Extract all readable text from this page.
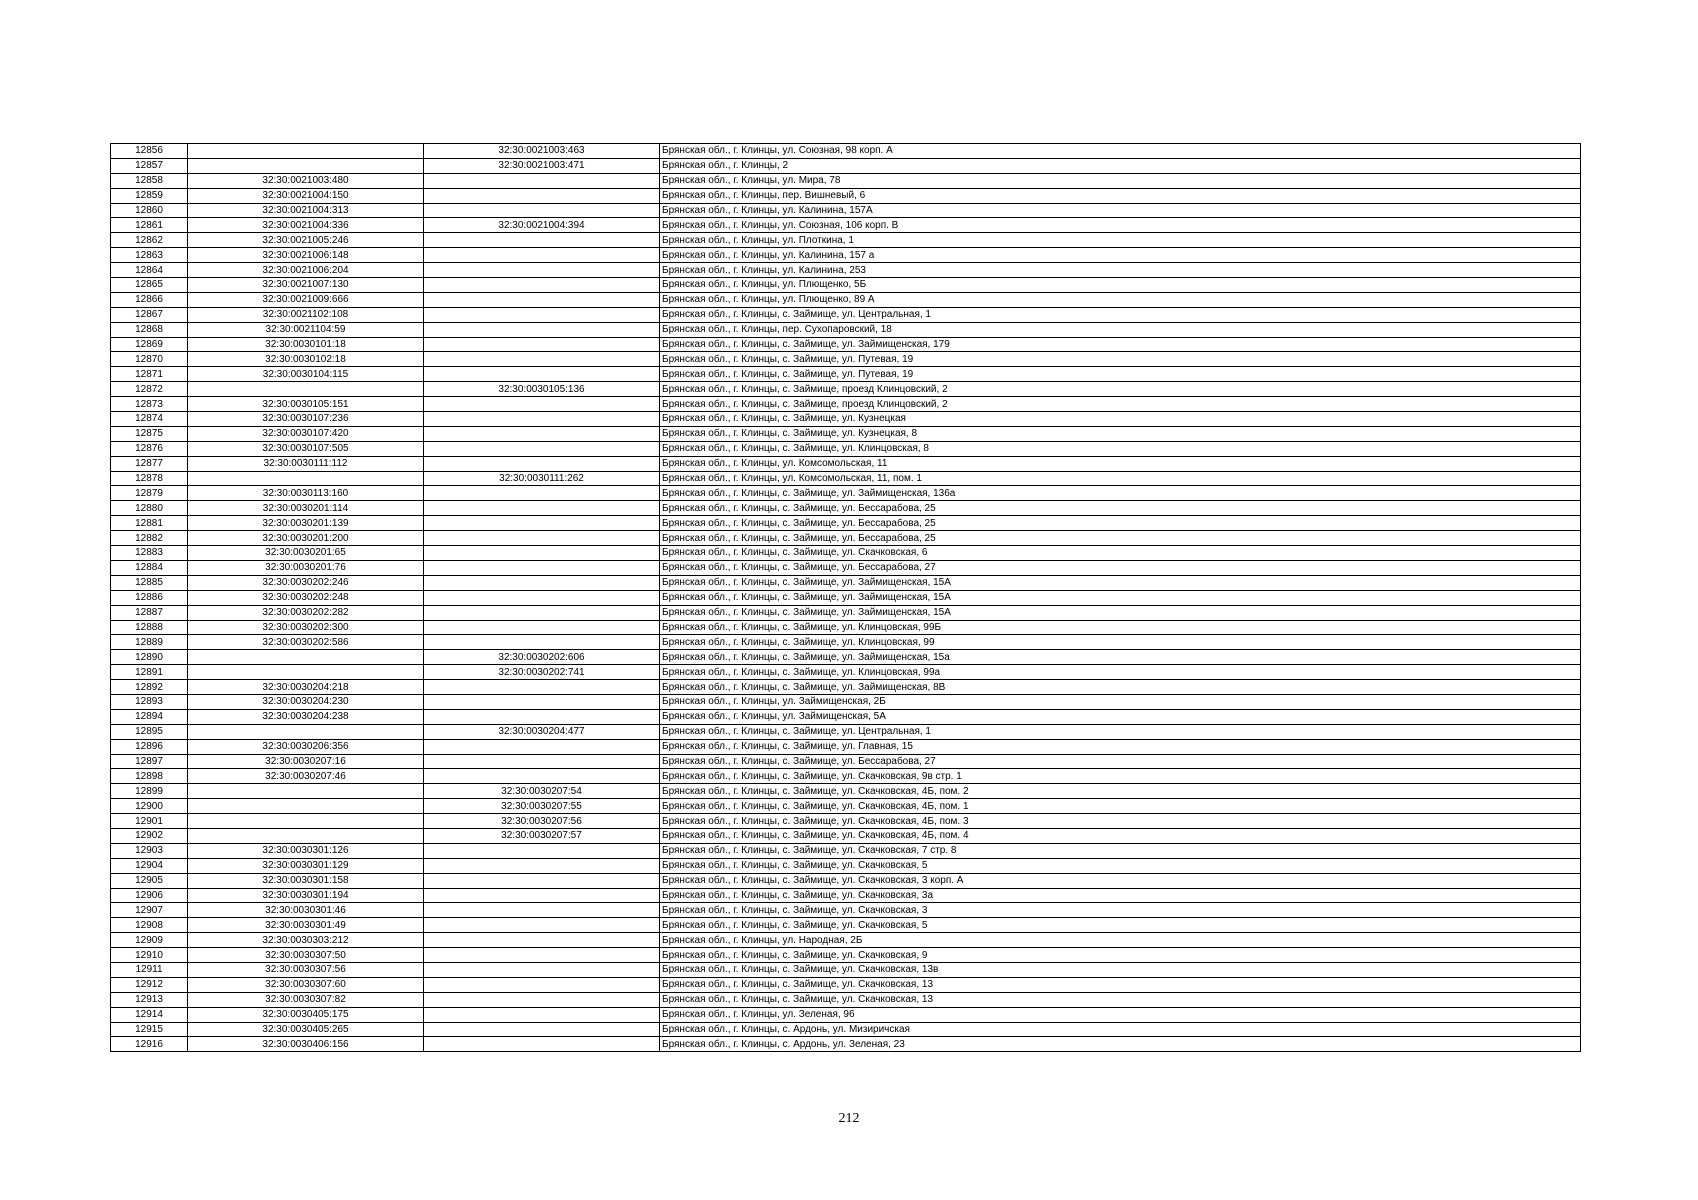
12856		32:30:0021003:463	Брянская обл., г. Клинцы, ул. Союзная, 98 корп. А
12857		32:30:0021003:471	Брянская обл., г. Клинцы, 2
12858	32:30:0021003:480		Брянская обл., г. Клинцы, ул. Мира, 78
12859	32:30:0021004:150		Брянская обл., г. Клинцы, пер. Вишневый, 6
12860	32:30:0021004:313		Брянская обл., г. Клинцы, ул. Калинина, 157А
12861	32:30:0021004:336	32:30:0021004:394	Брянская обл., г. Клинцы, ул. Союзная, 106 корп. В
12862	32:30:0021005:246		Брянская обл., г. Клинцы, ул. Плоткина, 1
12863	32:30:0021006:148		Брянская обл., г. Клинцы, ул. Калинина, 157 а
12864	32:30:0021006:204		Брянская обл., г. Клинцы, ул. Калинина, 253
12865	32:30:0021007:130		Брянская обл., г. Клинцы, ул. Плющенко, 5Б
12866	32:30:0021009:666		Брянская обл., г. Клинцы, ул. Плющенко, 89 А
12867	32:30:0021102:108		Брянская обл., г. Клинцы, с. Займище, ул. Центральная, 1
12868	32:30:0021104:59		Брянская обл., г. Клинцы, пер. Сухопаровский, 18
12869	32:30:0030101:18		Брянская обл., г. Клинцы, с. Займище, ул. Займищенская, 179
12870	32:30:0030102:18		Брянская обл., г. Клинцы, с. Займище, ул. Путевая, 19
12871	32:30:0030104:115		Брянская обл., г. Клинцы, с. Займище, ул. Путевая, 19
12872		32:30:0030105:136	Брянская обл., г. Клинцы, с. Займище, проезд Клинцовский, 2
12873	32:30:0030105:151		Брянская обл., г. Клинцы, с. Займище, проезд Клинцовский, 2
12874	32:30:0030107:236		Брянская обл., г. Клинцы, с. Займище, ул. Кузнецкая
12875	32:30:0030107:420		Брянская обл., г. Клинцы, с. Займище, ул. Кузнецкая, 8
12876	32:30:0030107:505		Брянская обл., г. Клинцы, с. Займище, ул. Клинцовская, 8
12877	32:30:0030111:112		Брянская обл., г. Клинцы, ул. Комсомольская, 11
12878		32:30:0030111:262	Брянская обл., г. Клинцы, ул. Комсомольская, 11, пом. 1
12879	32:30:0030113:160		Брянская обл., г. Клинцы, с. Займище, ул. Займищенская, 136а
12880	32:30:0030201:114		Брянская обл., г. Клинцы, с. Займище, ул. Бессарабова, 25
12881	32:30:0030201:139		Брянская обл., г. Клинцы, с. Займище, ул. Бессарабова, 25
12882	32:30:0030201:200		Брянская обл., г. Клинцы, с. Займище, ул. Бессарабова, 25
12883	32:30:0030201:65		Брянская обл., г. Клинцы, с. Займище, ул. Скачковская, 6
12884	32:30:0030201:76		Брянская обл., г. Клинцы, с. Займище, ул. Бессарабова, 27
12885	32:30:0030202:246		Брянская обл., г. Клинцы, с. Займище, ул. Займищенская, 15А
12886	32:30:0030202:248		Брянская обл., г. Клинцы, с. Займище, ул. Займищенская, 15А
12887	32:30:0030202:282		Брянская обл., г. Клинцы, с. Займище, ул. Займищенская, 15А
12888	32:30:0030202:300		Брянская обл., г. Клинцы, с. Займище, ул. Клинцовская, 99Б
12889	32:30:0030202:586		Брянская обл., г. Клинцы, с. Займище, ул. Клинцовская, 99
12890		32:30:0030202:606	Брянская обл., г. Клинцы, с. Займище, ул. Займищенская, 15а
12891		32:30:0030202:741	Брянская обл., г. Клинцы, с. Займище, ул. Клинцовская, 99а
12892	32:30:0030204:218		Брянская обл., г. Клинцы, с. Займище, ул. Займищенская, 8В
12893	32:30:0030204:230		Брянская обл., г. Клинцы, ул. Займищенская, 2Б
12894	32:30:0030204:238		Брянская обл., г. Клинцы, ул. Займищенская, 5А
12895		32:30:0030204:477	Брянская обл., г. Клинцы, с. Займище, ул. Центральная, 1
12896	32:30:0030206:356		Брянская обл., г. Клинцы, с. Займище, ул. Главная, 15
12897	32:30:0030207:16		Брянская обл., г. Клинцы, с. Займище, ул. Бессарабова, 27
12898	32:30:0030207:46		Брянская обл., г. Клинцы, с. Займище, ул. Скачковская, 9в стр. 1
12899		32:30:0030207:54	Брянская обл., г. Клинцы, с. Займище, ул. Скачковская, 4Б, пом. 2
12900		32:30:0030207:55	Брянская обл., г. Клинцы, с. Займище, ул. Скачковская, 4Б, пом. 1
12901		32:30:0030207:56	Брянская обл., г. Клинцы, с. Займище, ул. Скачковская, 4Б, пом. 3
12902		32:30:0030207:57	Брянская обл., г. Клинцы, с. Займище, ул. Скачковская, 4Б, пом. 4
12903	32:30:0030301:126		Брянская обл., г. Клинцы, с. Займище, ул. Скачковская, 7 стр. 8
12904	32:30:0030301:129		Брянская обл., г. Клинцы, с. Займище, ул. Скачковская, 5
12905	32:30:0030301:158		Брянская обл., г. Клинцы, с. Займище, ул. Скачковская, 3 корп. А
12906	32:30:0030301:194		Брянская обл., г. Клинцы, с. Займище, ул. Скачковская, 3а
12907	32:30:0030301:46		Брянская обл., г. Клинцы, с. Займище, ул. Скачковская, 3
12908	32:30:0030301:49		Брянская обл., г. Клинцы, с. Займище, ул. Скачковская, 5
12909	32:30:0030303:212		Брянская обл., г. Клинцы, ул. Народная, 2Б
12910	32:30:0030307:50		Брянская обл., г. Клинцы, с. Займище, ул. Скачковская, 9
12911	32:30:0030307:56		Брянская обл., г. Клинцы, с. Займище, ул. Скачковская, 13в
12912	32:30:0030307:60		Брянская обл., г. Клинцы, с. Займище, ул. Скачковская, 13
12913	32:30:0030307:82		Брянская обл., г. Клинцы, с. Займище, ул. Скачковская, 13
12914	32:30:0030405:175		Брянская обл., г. Клинцы, ул. Зеленая, 96
12915	32:30:0030405:265		Брянская обл., г. Клинцы, с. Ардонь, ул. Мизиричская
12916	32:30:0030406:156		Брянская обл., г. Клинцы, с. Ардонь, ул. Зеленая, 23
212
